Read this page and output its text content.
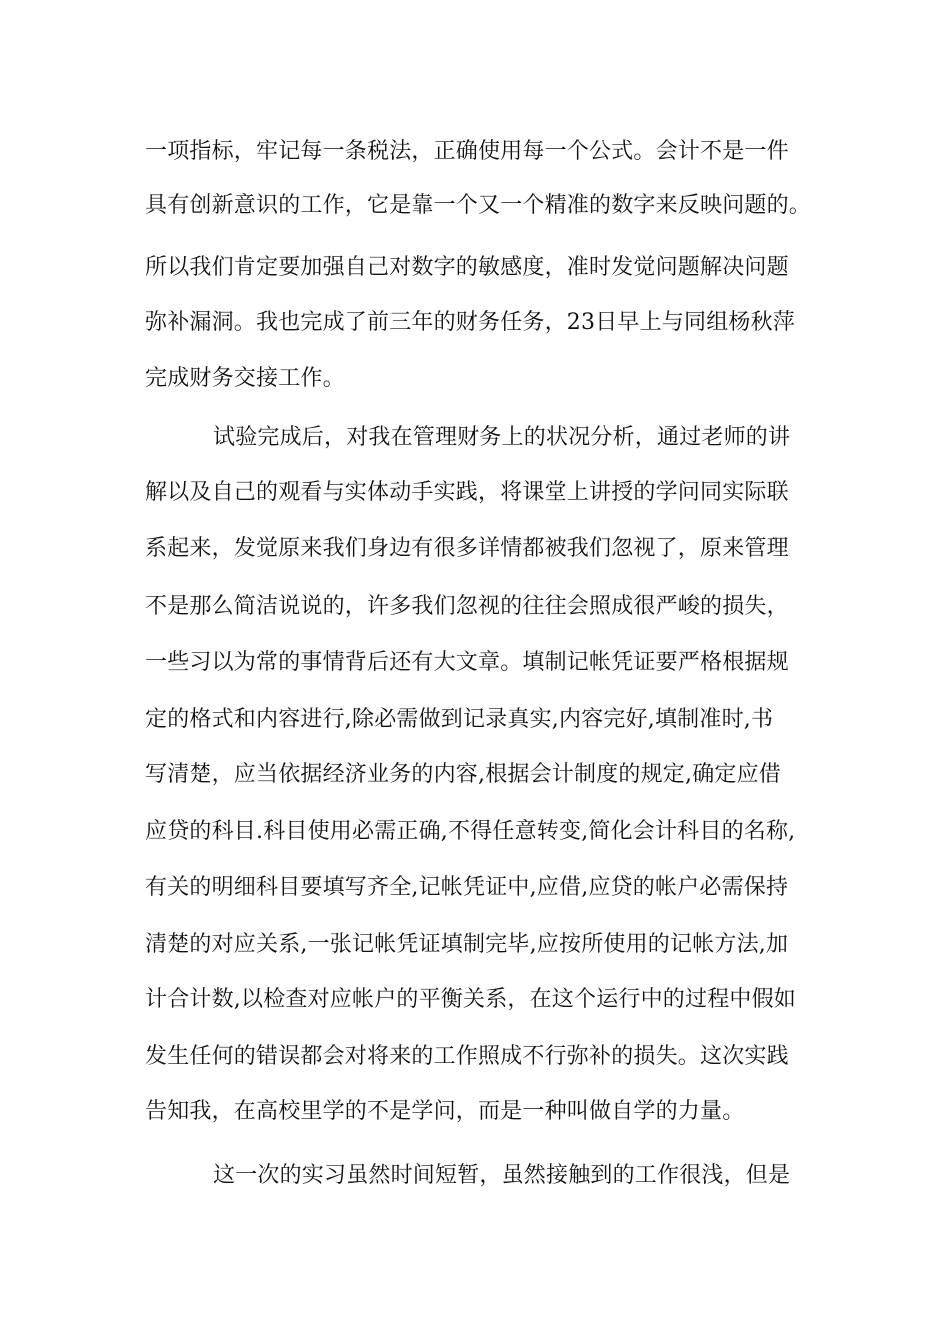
一项指标，牢记每一条税法，正确使用每一个公式。会计不是一件
具有创新意识的工作，它是靠一个又一个精准的数字来反映问题的。
所以我们肯定要加强自己对数字的敏感度，准时发觉问题解决问题
弥补漏洞。我也完成了前三年的财务任务，23日早上与同组杨秋萍
完成财务交接工作。
试验完成后，对我在管理财务上的状况分析，通过老师的讲
解以及自己的观看与实体动手实践，将课堂上讲授的学问同实际联
系起来，发觉原来我们身边有很多详情都被我们忽视了，原来管理
不是那么简洁说说的，许多我们忽视的往往会照成很严峻的损失，
一些习以为常的事情背后还有大文章。填制记帐凭证要严格根据规
定的格式和内容进行,除必需做到记录真实,内容完好,填制准时,书
写清楚，应当依据经济业务的内容,根据会计制度的规定,确定应借
应贷的科目.科目使用必需正确,不得任意转变,简化会计科目的名称,
有关的明细科目要填写齐全,记帐凭证中,应借,应贷的帐户必需保持
清楚的对应关系,一张记帐凭证填制完毕,应按所使用的记帐方法,加
计合计数,以检查对应帐户的平衡关系，在这个运行中的过程中假如
发生任何的错误都会对将来的工作照成不行弥补的损失。这次实践
告知我，在高校里学的不是学问，而是一种叫做自学的力量。
这一次的实习虽然时间短暂，虽然接触到的工作很浅，但是
